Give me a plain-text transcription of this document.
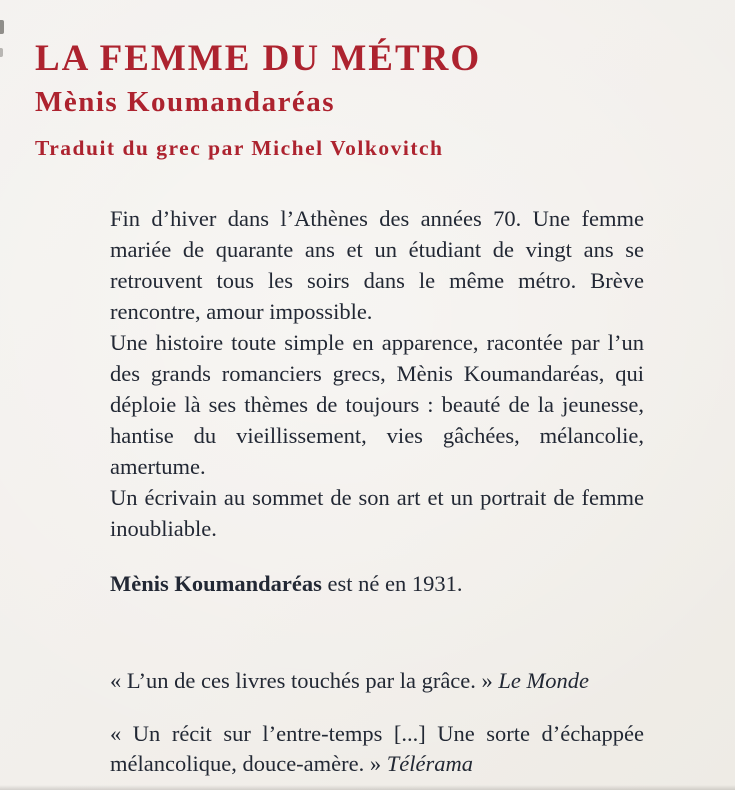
LA FEMME DU MÉTRO
Mènis Koumandaréas
Traduit du grec par Michel Volkovitch

Fin d’hiver dans l’Athènes des années 70. Une femme mariée de quarante ans et un étudiant de vingt ans se retrouvent tous les soirs dans le même métro. Brève rencontre, amour impossible.

Une histoire toute simple en apparence, racontée par l’un des grands romanciers grecs, Mènis Koumandaréas, qui déploie là ses thèmes de toujours : beauté de la jeunesse, hantise du vieillissement, vies gâchées, mélancolie, amertume.

Un écrivain au sommet de son art et un portrait de femme inoubliable.

Mènis Koumandaréas est né en 1931.

« L’un de ces livres touchés par la grâce. » Le Monde
« Un récit sur l’entre-temps [...] Une sorte d’échappée mélancolique, douce-amère. » Télérama
